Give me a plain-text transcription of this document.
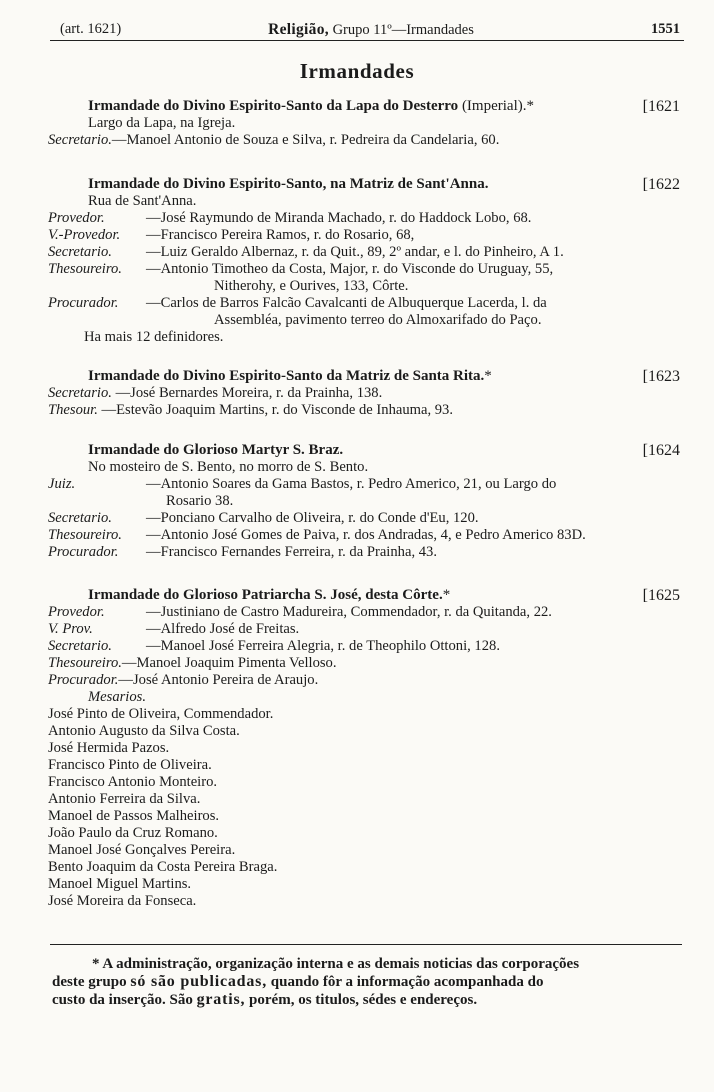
(art. 1621)	Religião, Grupo 11º—Irmandades	1551
Irmandades
Irmandade do Divino Espirito-Santo da Lapa do Desterro (Imperial).*	[1621
Largo da Lapa, na Igreja.
Secretario.—Manoel Antonio de Souza e Silva, r. Pedreira da Candelaria, 60.
Irmandade do Divino Espirito-Santo, na Matriz de Sant'Anna.	[1622
Rua de Sant'Anna.
Provedor.	—José Raymundo de Miranda Machado, r. do Haddock Lobo, 68.
V.-Provedor. —Francisco Pereira Ramos, r. do Rosario, 68,
Secretario. —Luiz Geraldo Albernaz, r. da Quit., 89, 2º andar, e l. do Pinheiro, A 1.
Thesoureiro. —Antonio Timotheo da Costa, Major, r. do Visconde do Uruguay, 55,
Nitherohy, e Ourives, 133, Côrte.
Procurador. —Carlos de Barros Falcão Cavalcanti de Albuquerque Lacerda, l. da
Assembléa, pavimento terreo do Almoxarifado do Paço.
Ha mais 12 definidores.
Irmandade do Divino Espirito-Santo da Matriz de Santa Rita.*	[1623
Secretario. —José Bernardes Moreira, r. da Prainha, 138.
Thesour. —Estevão Joaquim Martins, r. do Visconde de Inhauma, 93.
Irmandade do Glorioso Martyr S. Braz.	[1624
No mosteiro de S. Bento, no morro de S. Bento.
Juiz.	—Antonio Soares da Gama Bastos, r. Pedro Americo, 21, ou Largo do
Rosario 38.
Secretario. —Ponciano Carvalho de Oliveira, r. do Conde d'Eu, 120.
Thesoureiro. —Antonio José Gomes de Paiva, r. dos Andradas, 4, e Pedro Americo 83D.
Procurador. —Francisco Fernandes Ferreira, r. da Prainha, 43.
Irmandade do Glorioso Patriarcha S. José, desta Côrte.*	[1625
Provedor.	—Justiniano de Castro Madureira, Commendador, r. da Quitanda, 22.
V. Prov.	—Alfredo José de Freitas.
Secretario. —Manoel José Ferreira Alegria, r. de Theophilo Ottoni, 128.
Thesoureiro.—Manoel Joaquim Pimenta Velloso.
Procurador.—José Antonio Pereira de Araujo.
Mesarios.
José Pinto de Oliveira, Commendador.
Antonio Augusto da Silva Costa.
José Hermida Pazos.
Francisco Pinto de Oliveira.
Francisco Antonio Monteiro.
Antonio Ferreira da Silva.
Manoel de Passos Malheiros.
João Paulo da Cruz Romano.
Manoel José Gonçalves Pereira.
Bento Joaquim da Costa Pereira Braga.
Manoel Miguel Martins.
José Moreira da Fonseca.
* A administração, organização interna e as demais noticias das corporações
deste grupo só são publicadas, quando fôr a informação acompanhada do
custo da inserção. São gratis, porém, os titulos, sédes e endereços.
